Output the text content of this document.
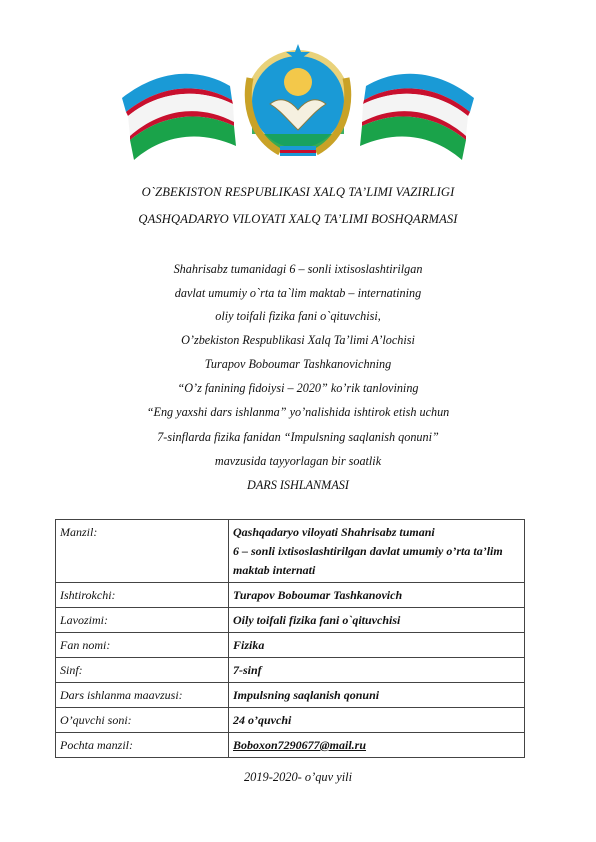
O`ZBEKISTON RESPUBLIKASI XALQ TA’LIMI VAZIRLIGI
QASHQADARYO VILOYATI XALQ TA’LIMI BOSHQARMASI
Shahrisabz tumanidagi 6 – sonli ixtisoslashtirilgan
davlat umumiy o`rta ta`lim maktab – internatining
oliy toifali fizika fani o`qituvchisi,
O’zbekiston Respublikasi Xalq Ta’limi A’lochisi
Turapov Boboumar Tashkanovichning
“O’z fanining fidoiysi – 2020” ko’rik tanlovining
“Eng yaxshi dars ishlanma” yo’nalishida ishtirok etish uchun
7-sinflarda fizika fanidan “Impulsning saqlanish qonuni”
mavzusida tayyorlagan bir soatlik
DARS ISHLANMASI
Manzil:	Qashqadaryo viloyati Shahrisabz tumani
6 – sonli ixtisoslashtirilgan davlat umumiy o’rta ta’lim maktab internati
Ishtirokchi:	Turapov Boboumar Tashkanovich
Lavozimi:	Oily toifali fizika fani o`qituvchisi
Fan nomi:	Fizika
Sinf:	7-sinf
Dars ishlanma maavzusi:	Impulsning saqlanish qonuni
O’quvchi soni:	24 o’quvchi
Pochta manzil:	Boboxon7290677@mail.ru
2019-2020- o’quv yili
